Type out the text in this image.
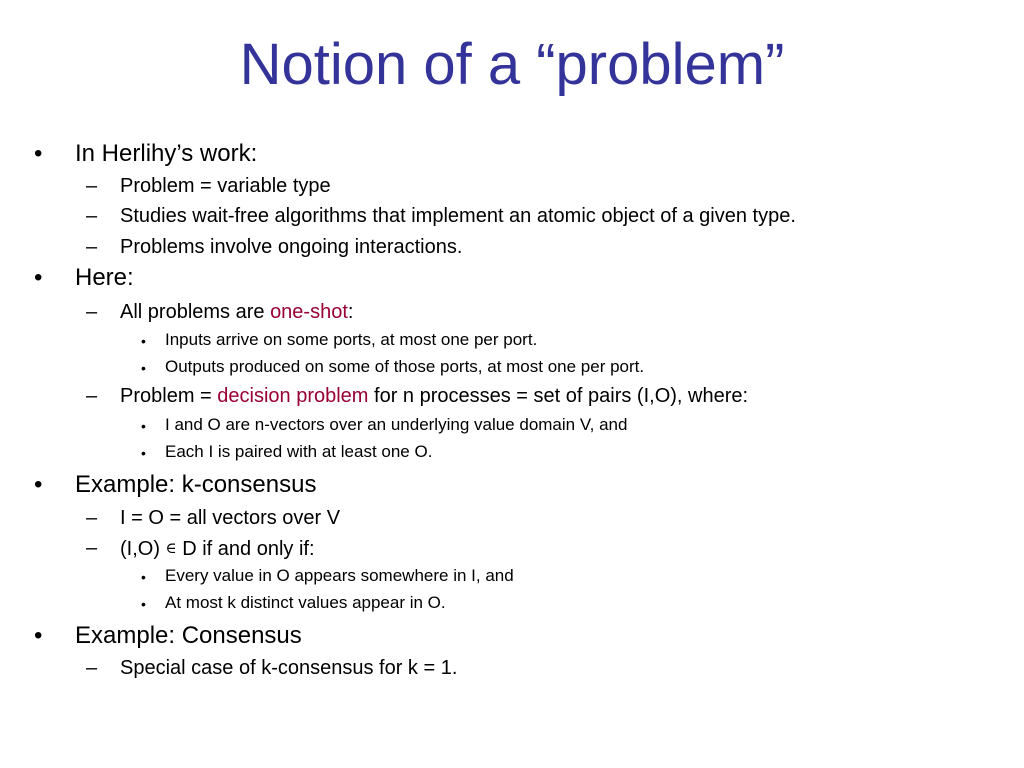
Notion of a “problem”
• In Herlihy’s work:
– Problem = variable type
– Studies wait-free algorithms that implement an atomic object of a given type.
– Problems involve ongoing interactions.
• Here:
– All problems are one-shot:
• Inputs arrive on some ports, at most one per port.
• Outputs produced on some of those ports, at most one per port.
– Problem = decision problem for n processes = set of pairs (I,O), where:
• I and O are n-vectors over an underlying value domain V, and
• Each I is paired with at least one O.
• Example: k-consensus
– I = O = all vectors over V
– (I,O) ∈ D if and only if:
• Every value in O appears somewhere in I, and
• At most k distinct values appear in O.
• Example: Consensus
– Special case of k-consensus for k = 1.
